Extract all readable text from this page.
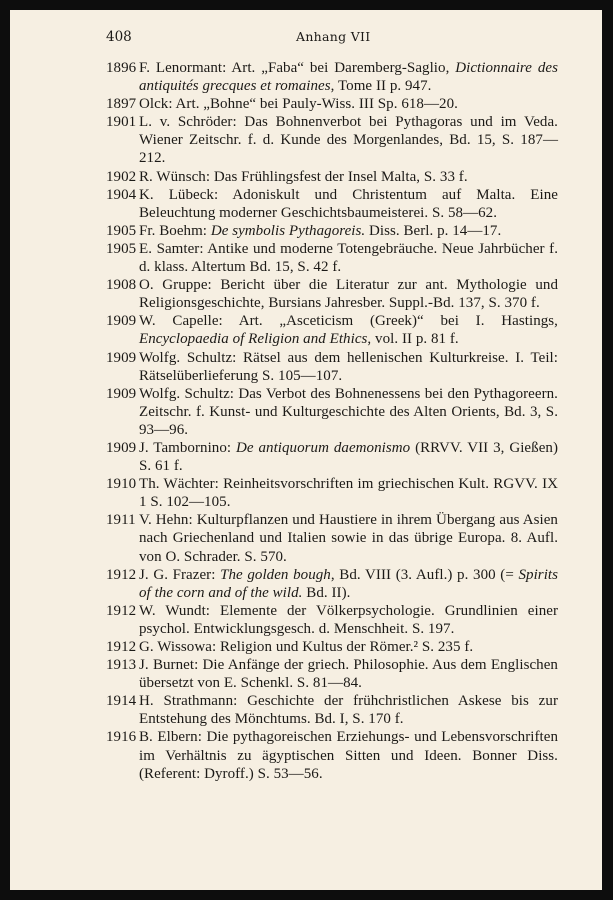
408	Anhang VII
1896 F. Lenormant: Art. „Faba“ bei Daremberg-Saglio, Dictionnaire des antiquités grecques et romaines, Tome II p. 947.
1897 Olck: Art. „Bohne“ bei Pauly-Wiss. III Sp. 618—20.
1901 L. v. Schröder: Das Bohnenverbot bei Pythagoras und im Veda. Wiener Zeitschr. f. d. Kunde des Morgenlandes, Bd. 15, S. 187—212.
1902 R. Wünsch: Das Frühlingsfest der Insel Malta, S. 33 f.
1904 K. Lübeck: Adoniskult und Christentum auf Malta. Eine Beleuchtung moderner Geschichtsbaumeisterei. S. 58—62.
1905 Fr. Boehm: De symbolis Pythagoreis. Diss. Berl. p. 14—17.
1905 E. Samter: Antike und moderne Totengebräuche. Neue Jahrbücher f. d. klass. Altertum Bd. 15, S. 42 f.
1908 O. Gruppe: Bericht über die Literatur zur ant. Mythologie und Religionsgeschichte, Bursians Jahresber. Suppl.-Bd. 137, S. 370 f.
1909 W. Capelle: Art. „Asceticism (Greek)“ bei I. Hastings, Encyclopaedia of Religion and Ethics, vol. II p. 81 f.
1909 Wolfg. Schultz: Rätsel aus dem hellenischen Kulturkreise. I. Teil: Rätselüberlieferung S. 105—107.
1909 Wolfg. Schultz: Das Verbot des Bohnenessens bei den Pythagoreern. Zeitschr. f. Kunst- und Kulturgeschichte des Alten Orients, Bd. 3, S. 93—96.
1909 J. Tambornino: De antiquorum daemonismo (RRVV. VII 3, Gießen) S. 61 f.
1910 Th. Wächter: Reinheitsvorschriften im griechischen Kult. RGVV. IX 1 S. 102—105.
1911 V. Hehn: Kulturpflanzen und Haustiere in ihrem Übergang aus Asien nach Griechenland und Italien sowie in das übrige Europa. 8. Aufl. von O. Schrader. S. 570.
1912 J. G. Frazer: The golden bough, Bd. VIII (3. Aufl.) p. 300 (= Spirits of the corn and of the wild. Bd. II).
1912 W. Wundt: Elemente der Völkerpsychologie. Grundlinien einer psychol. Entwicklungsgesch. d. Menschheit. S. 197.
1912 G. Wissowa: Religion und Kultus der Römer.² S. 235 f.
1913 J. Burnet: Die Anfänge der griech. Philosophie. Aus dem Englischen übersetzt von E. Schenkl. S. 81—84.
1914 H. Strathmann: Geschichte der frühchristlichen Askese bis zur Entstehung des Mönchtums. Bd. I, S. 170 f.
1916 B. Elbern: Die pythagoreischen Erziehungs- und Lebensvorschriften im Verhältnis zu ägyptischen Sitten und Ideen. Bonner Diss. (Referent: Dyroff.) S. 53—56.
